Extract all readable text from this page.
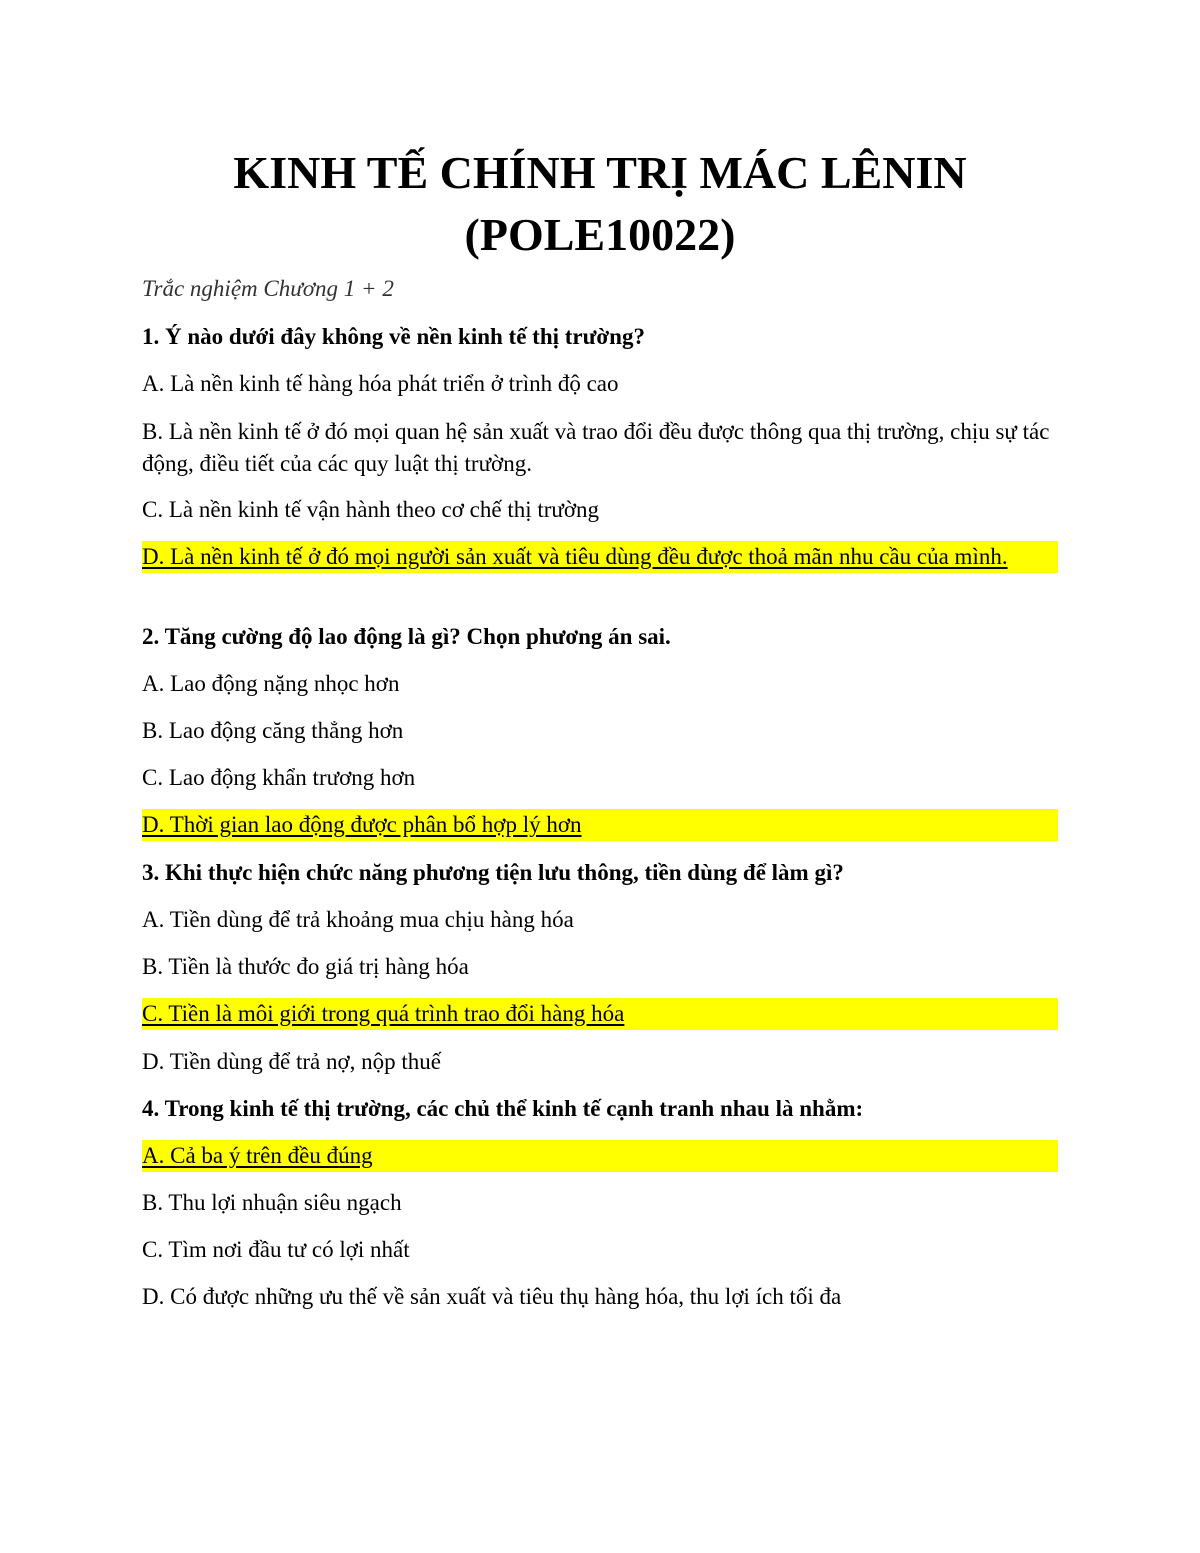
KINH TẾ CHÍNH TRỊ MÁC LÊNIN
(POLE10022)
Trắc nghiệm Chương 1 + 2
1. Ý nào dưới đây không về nền kinh tế thị trường?
A. Là nền kinh tế hàng hóa phát triển ở trình độ cao
B. Là nền kinh tế ở đó mọi quan hệ sản xuất và trao đổi đều được thông qua thị trường, chịu sự tác động, điều tiết của các quy luật thị trường.
C. Là nền kinh tế vận hành theo cơ chế thị trường
D. Là nền kinh tế ở đó mọi người sản xuất và tiêu dùng đều được thoả mãn nhu cầu của mình.
2. Tăng cường độ lao động là gì? Chọn phương án sai.
A. Lao động nặng nhọc hơn
B. Lao động căng thẳng hơn
C. Lao động khẩn trương hơn
D. Thời gian lao động được phân bổ hợp lý hơn
3. Khi thực hiện chức năng phương tiện lưu thông, tiền dùng để làm gì?
A. Tiền dùng để trả khoảng mua chịu hàng hóa
B. Tiền là thước đo giá trị hàng hóa
C. Tiền là môi giới trong quá trình trao đổi hàng hóa
D. Tiền dùng để trả nợ, nộp thuế
4. Trong kinh tế thị trường, các chủ thể kinh tế cạnh tranh nhau là nhằm:
A. Cả ba ý trên đều đúng
B. Thu lợi nhuận siêu ngạch
C. Tìm nơi đầu tư có lợi nhất
D. Có được những ưu thế về sản xuất và tiêu thụ hàng hóa, thu lợi ích tối đa
